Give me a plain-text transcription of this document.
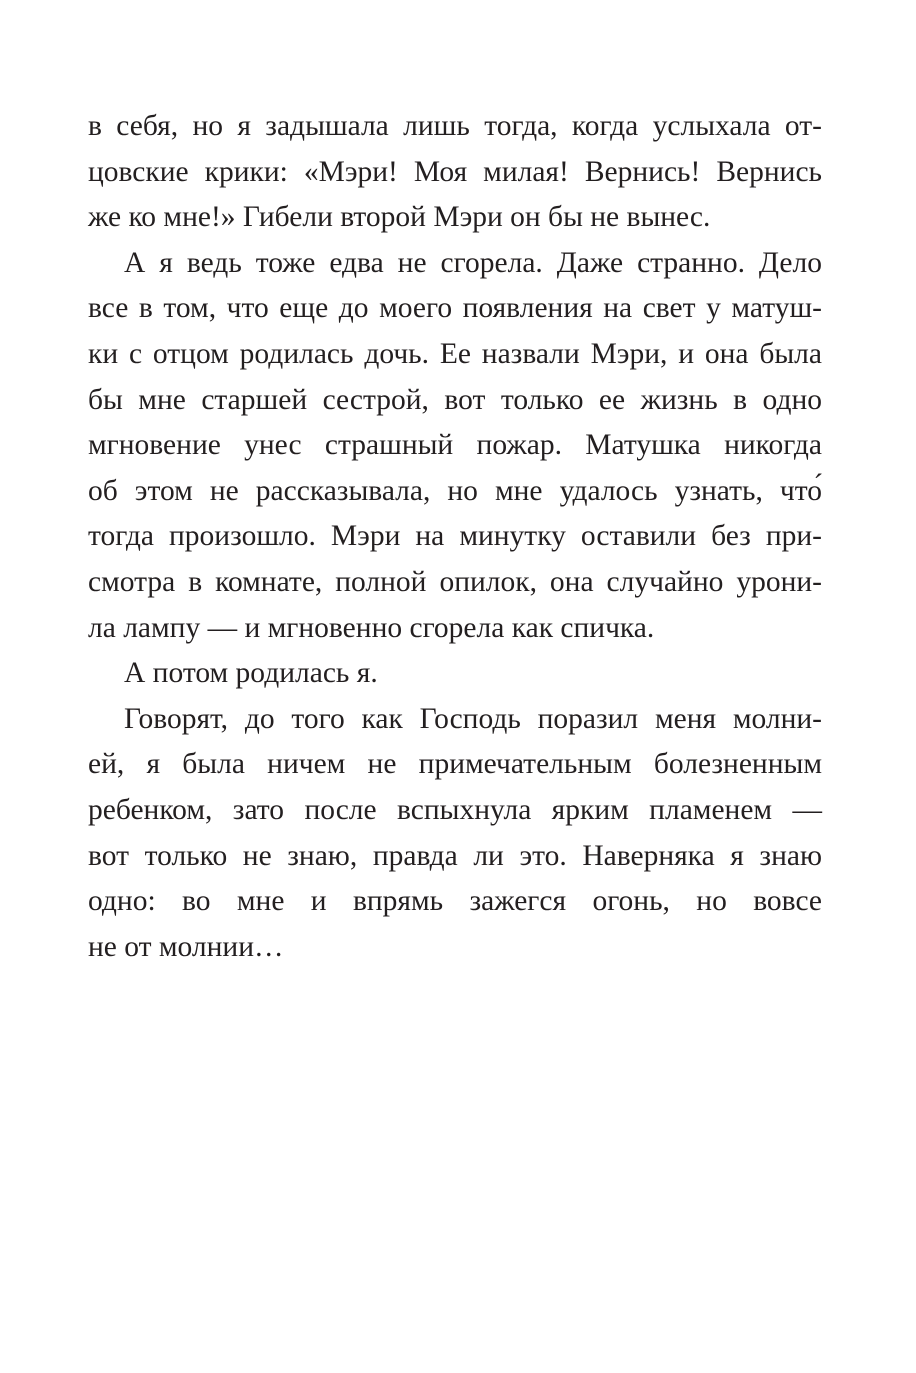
в себя, но я задышала лишь тогда, когда услыхала от-
цовские крики: «Мэри! Моя милая! Вернись! Вернись
же ко мне!» Гибели второй Мэри он бы не вынес.

А я ведь тоже едва не сгорела. Даже странно. Дело
все в том, что еще до моего появления на свет у матуш-
ки с отцом родилась дочь. Ее назвали Мэри, и она была
бы мне старшей сестрой, вот только ее жизнь в одно
мгновение унес страшный пожар. Матушка никогда
об этом не рассказывала, но мне удалось узнать, что́
тогда произошло. Мэри на минутку оставили без при-
смотра в комнате, полной опилок, она случайно урони-
ла лампу — и мгновенно сгорела как спичка.

А потом родилась я.

Говорят, до того как Господь поразил меня молни-
ей, я была ничем не примечательным болезненным
ребенком, зато после вспыхнула ярким пламенем —
вот только не знаю, правда ли это. Наверняка я знаю
одно: во мне и впрямь зажегся огонь, но вовсе
не от молнии…
